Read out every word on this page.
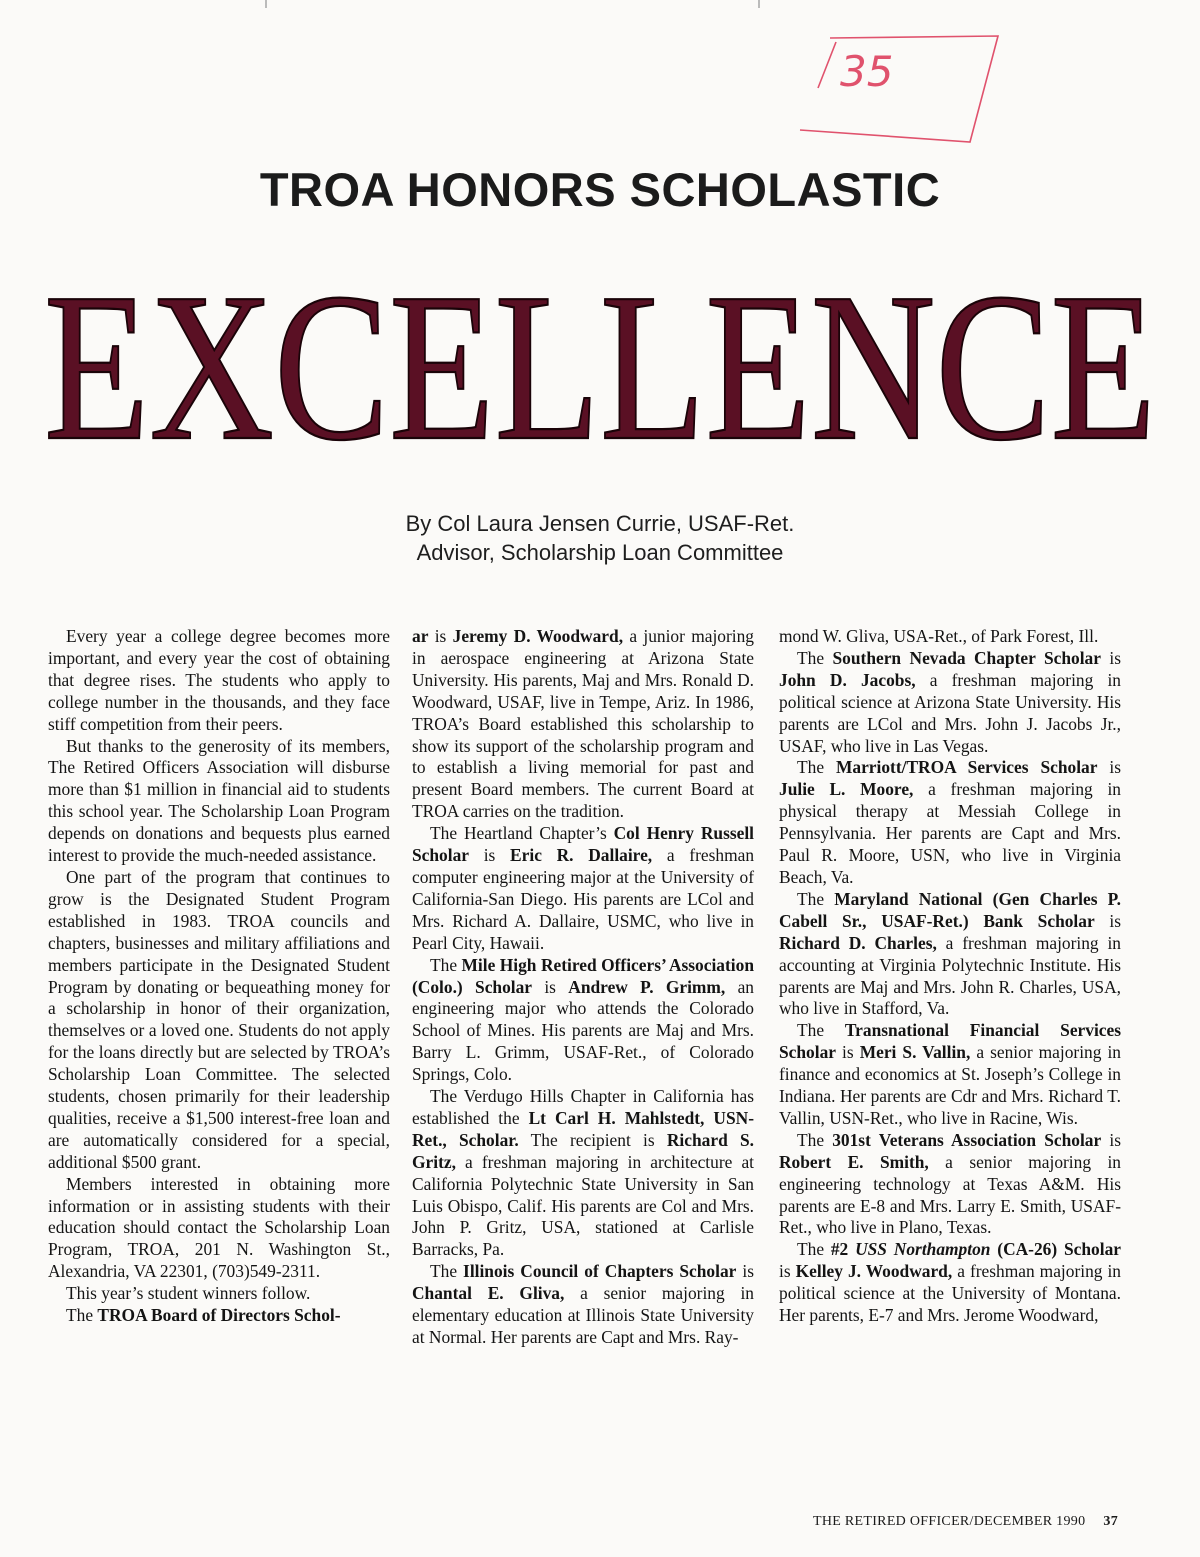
35
TROA HONORS SCHOLASTIC
EXCELLENCE
By Col Laura Jensen Currie, USAF-Ret.
Advisor, Scholarship Loan Committee

Every year a college degree becomes more important, and every year the cost of obtaining that degree rises. The students who apply to college number in the thousands, and they face stiff competition from their peers.

But thanks to the generosity of its members, The Retired Officers Association will disburse more than $1 million in financial aid to students this school year. The Scholarship Loan Program depends on donations and bequests plus earned interest to provide the much-needed assistance.

One part of the program that continues to grow is the Designated Student Program established in 1983. TROA councils and chapters, businesses and military affiliations and members participate in the Designated Student Program by donating or bequeathing money for a scholarship in honor of their organization, themselves or a loved one. Students do not apply for the loans directly but are selected by TROA’s Scholarship Loan Committee. The selected students, chosen primarily for their leadership qualities, receive a $1,500 interest-free loan and are automatically considered for a special, additional $500 grant.

Members interested in obtaining more information or in assisting students with their education should contact the Scholarship Loan Program, TROA, 201 N. Washington St., Alexandria, VA 22301, (703)549-2311.

This year’s student winners follow.

The TROA Board of Directors Schol-

ar is Jeremy D. Woodward, a junior majoring in aerospace engineering at Arizona State University. His parents, Maj and Mrs. Ronald D. Woodward, USAF, live in Tempe, Ariz. In 1986, TROA’s Board established this scholarship to show its support of the scholarship program and to establish a living memorial for past and present Board members. The current Board at TROA carries on the tradition.

The Heartland Chapter’s Col Henry Russell Scholar is Eric R. Dallaire, a freshman computer engineering major at the University of California-San Diego. His parents are LCol and Mrs. Richard A. Dallaire, USMC, who live in Pearl City, Hawaii.

The Mile High Retired Officers’ Association (Colo.) Scholar is Andrew P. Grimm, an engineering major who attends the Colorado School of Mines. His parents are Maj and Mrs. Barry L. Grimm, USAF-Ret., of Colorado Springs, Colo.

The Verdugo Hills Chapter in California has established the Lt Carl H. Mahlstedt, USN-Ret., Scholar. The recipient is Richard S. Gritz, a freshman majoring in architecture at California Polytechnic State University in San Luis Obispo, Calif. His parents are Col and Mrs. John P. Gritz, USA, stationed at Carlisle Barracks, Pa.

The Illinois Council of Chapters Scholar is Chantal E. Gliva, a senior majoring in elementary education at Illinois State University at Normal. Her parents are Capt and Mrs. Ray-

mond W. Gliva, USA-Ret., of Park Forest, Ill.

The Southern Nevada Chapter Scholar is John D. Jacobs, a freshman majoring in political science at Arizona State University. His parents are LCol and Mrs. John J. Jacobs Jr., USAF, who live in Las Vegas.

The Marriott/TROA Services Scholar is Julie L. Moore, a freshman majoring in physical therapy at Messiah College in Pennsylvania. Her parents are Capt and Mrs. Paul R. Moore, USN, who live in Virginia Beach, Va.

The Maryland National (Gen Charles P. Cabell Sr., USAF-Ret.) Bank Scholar is Richard D. Charles, a freshman majoring in accounting at Virginia Polytechnic Institute. His parents are Maj and Mrs. John R. Charles, USA, who live in Stafford, Va.

The Transnational Financial Services Scholar is Meri S. Vallin, a senior majoring in finance and economics at St. Joseph’s College in Indiana. Her parents are Cdr and Mrs. Richard T. Vallin, USN-Ret., who live in Racine, Wis.

The 301st Veterans Association Scholar is Robert E. Smith, a senior majoring in engineering technology at Texas A&M. His parents are E-8 and Mrs. Larry E. Smith, USAF-Ret., who live in Plano, Texas.

The #2 USS Northampton (CA-26) Scholar is Kelley J. Woodward, a freshman majoring in political science at the University of Montana. Her parents, E-7 and Mrs. Jerome Woodward,

THE RETIRED OFFICER/DECEMBER 1990 37
